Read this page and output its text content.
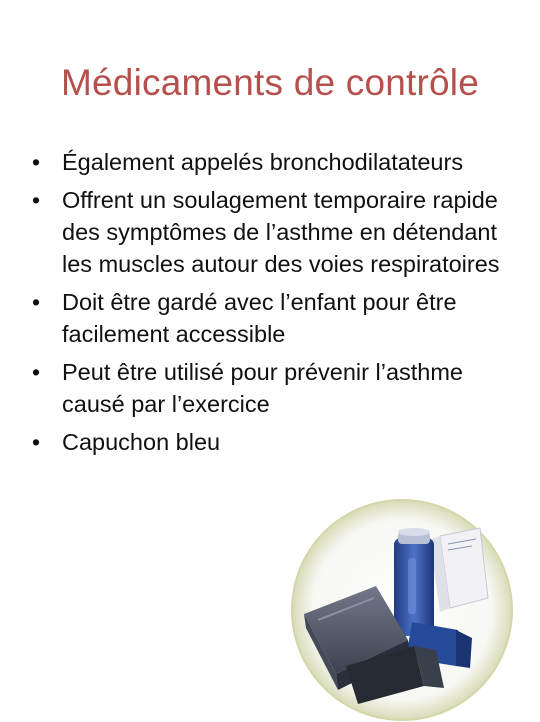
Médicaments de contrôle
• Également appelés bronchodilatateurs
• Offrent un soulagement temporaire rapide des symptômes de l’asthme en détendant les muscles autour des voies respiratoires
• Doit être gardé avec l’enfant pour être facilement accessible
• Peut être utilisé pour prévenir l’asthme causé par l’exercice
• Capuchon bleu
